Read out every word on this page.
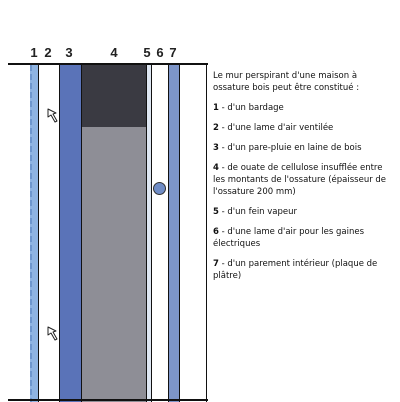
1 2 3	4 5 6 7

Le mur perspirant d'une maison à ossature bois peut être constitué :

1 - d'un bardage

2 - d'une lame d'air ventilée

3 - d'un pare-pluie en laine de bois

4 - de ouate de cellulose insufflée entre les montants de l'ossature (épaisseur de l'ossature 200 mm)

5 - d'un fein vapeur

6 - d'une lame d'air pour les gaines électriques

7 - d'un parement intérieur (plaque de plâtre)
